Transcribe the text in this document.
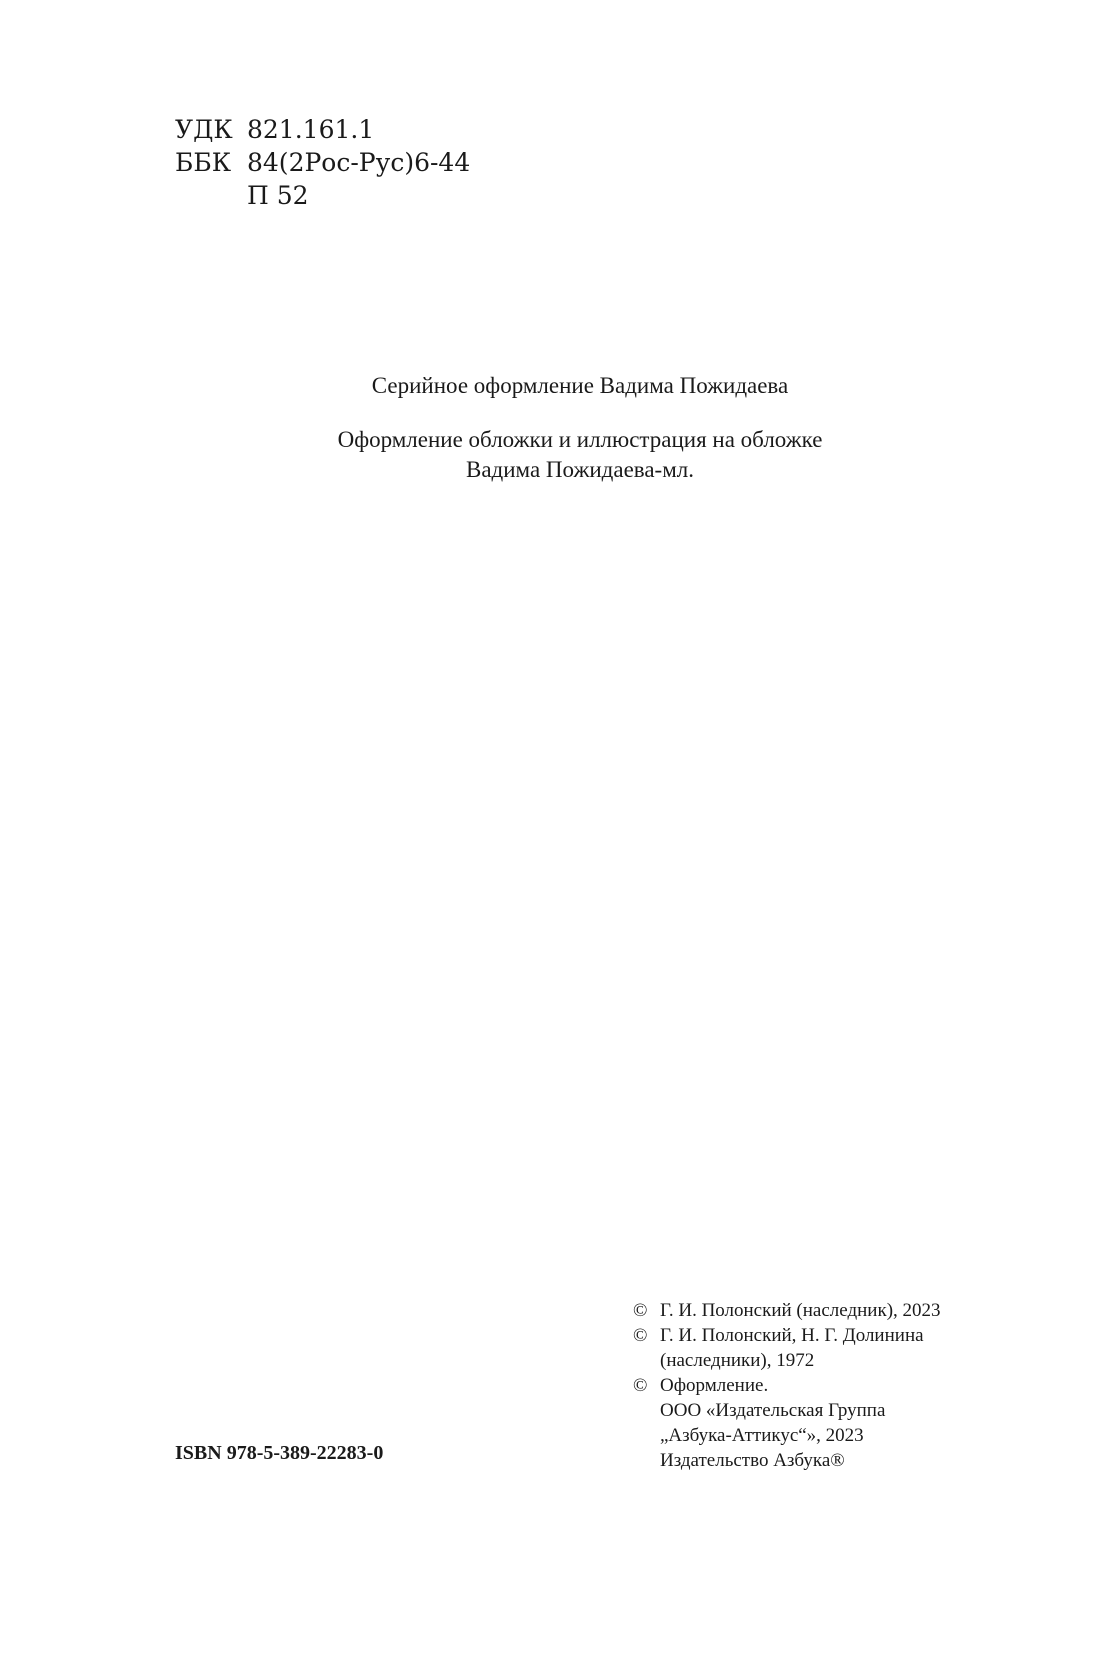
УДК 821.161.1
ББК 84(2Рос-Рус)6-44
П 52
Серийное оформление Вадима Пожидаева
Оформление обложки и иллюстрация на обложке
Вадима Пожидаева-мл.
© Г. И. Полонский (наследник), 2023
© Г. И. Полонский, Н. Г. Долинина
(наследники), 1972
© Оформление.
ООО «Издательская Группа
„Азбука-Аттикус“», 2023
Издательство Азбука®
ISBN 978-5-389-22283-0
